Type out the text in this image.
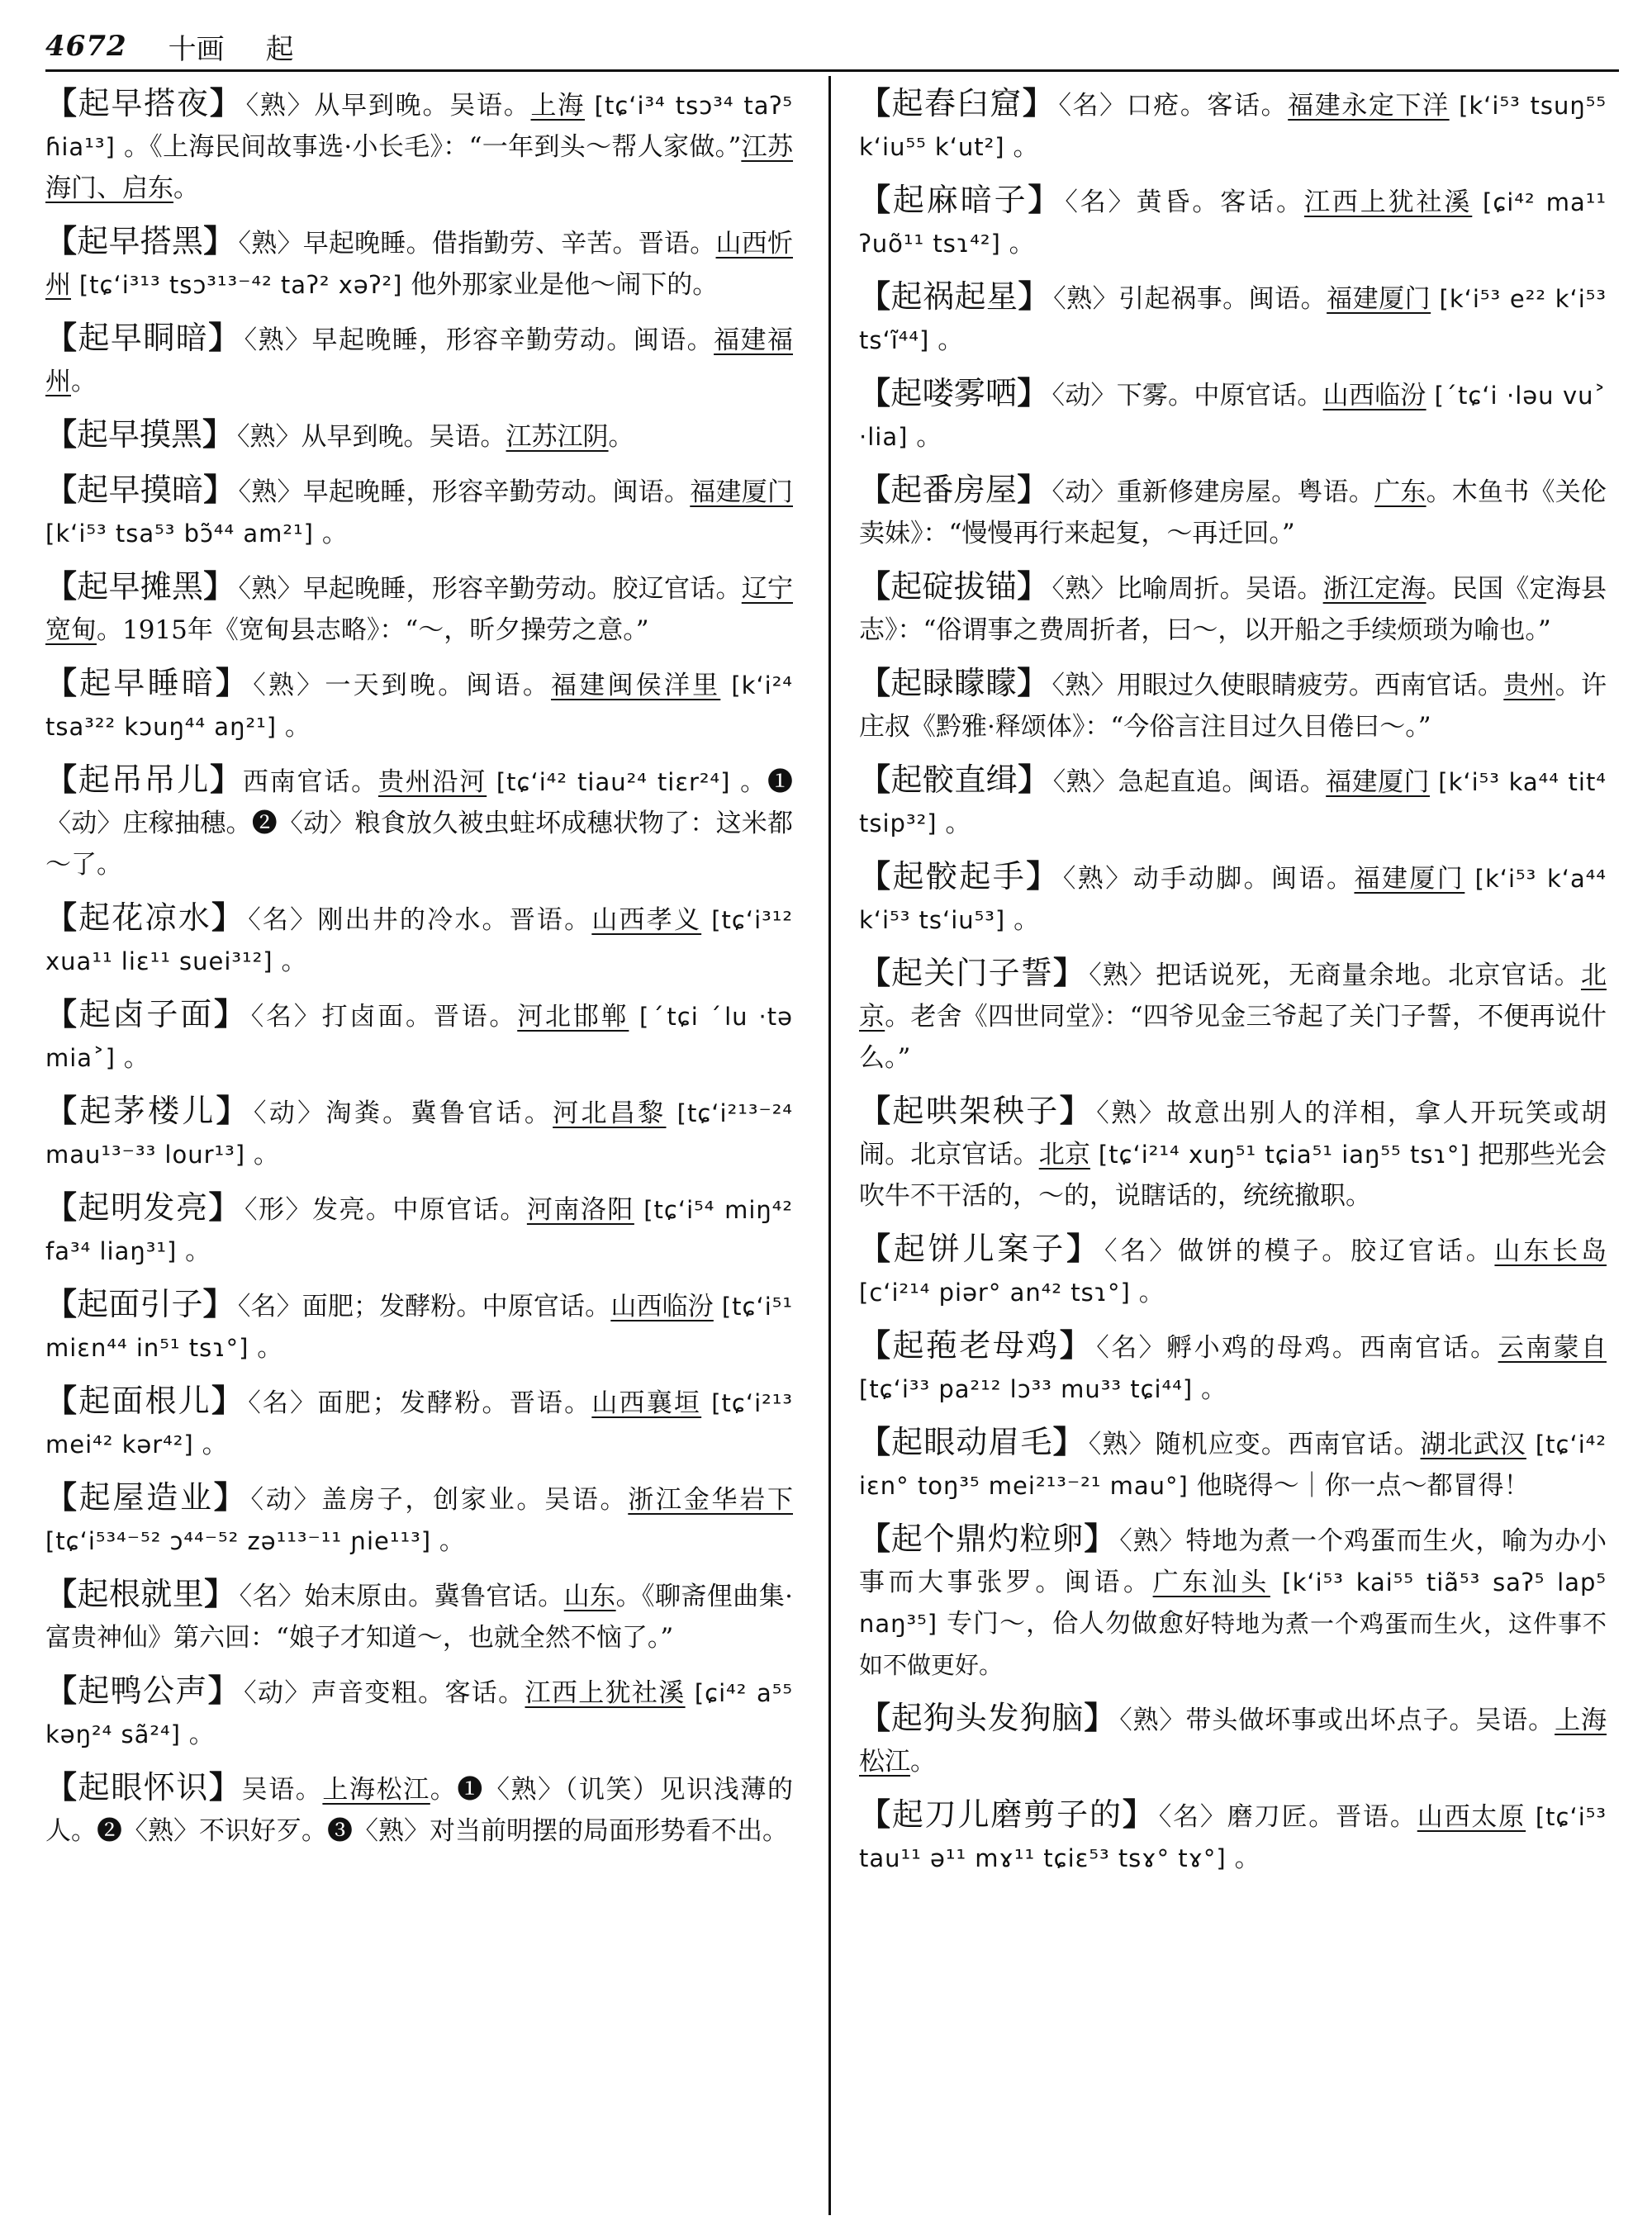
4672 十画 起

【起早搭夜】 〈熟〉从早到晚。吴语。上海 [tɕʻi³⁴ tsɔ³⁴ taʔ⁵ ɦia¹³] 。《上海民间故事选·小长毛》：“一年到头～帮人家做。”江苏海门、启东。

【起早搭黑】 〈熟〉早起晚睡。借指勤劳、辛苦。晋语。山西忻州 [tɕʻi³¹³ tsɔ³¹³⁻⁴² taʔ² xəʔ²] 他外那家业是他～闹下的。

【起早眮暗】 〈熟〉早起晚睡，形容辛勤劳动。闽语。福建福州。

【起早摸黑】 〈熟〉从早到晚。吴语。江苏江阴。

【起早摸暗】 〈熟〉早起晚睡，形容辛勤劳动。闽语。福建厦门 [kʻi⁵³ tsa⁵³ bɔ̃⁴⁴ am²¹] 。

【起早摊黑】 〈熟〉早起晚睡，形容辛勤劳动。胶辽官话。辽宁宽甸。1915年《宽甸县志略》：“～，昕夕操劳之意。”

【起早睡暗】 〈熟〉一天到晚。闽语。福建闽侯洋里 [kʻi²⁴ tsa³²² kɔuŋ⁴⁴ aŋ²¹] 。

【起吊吊儿】西南官话。贵州沿河 [tɕʻi⁴² tiau²⁴ tiɛr²⁴] 。❶〈动〉庄稼抽穗。❷〈动〉粮食放久被虫蛀坏成穗状物了：这米都～了。

【起花凉水】 〈名〉刚出井的冷水。晋语。山西孝义 [tɕʻi³¹² xua¹¹ liɛ¹¹ suei³¹²] 。

【起卤子面】 〈名〉打卤面。晋语。河北邯郸 [ˊtɕi ˊlu ·tə mia˃] 。

【起茅楼儿】 〈动〉淘粪。冀鲁官话。河北昌黎 [tɕʻi²¹³⁻²⁴ mau¹³⁻³³ lour¹³] 。

【起明发亮】 〈形〉发亮。中原官话。河南洛阳 [tɕʻi⁵⁴ miŋ⁴² fa³⁴ liaŋ³¹] 。

【起面引子】 〈名〉面肥；发酵粉。中原官话。山西临汾 [tɕʻi⁵¹ miɛn⁴⁴ in⁵¹ tsɿ°] 。

【起面根儿】 〈名〉面肥；发酵粉。晋语。山西襄垣 [tɕʻi²¹³ mei⁴² kər⁴²] 。

【起屋造业】 〈动〉盖房子，创家业。吴语。浙江金华岩下 [tɕʻi⁵³⁴⁻⁵² ɔ⁴⁴⁻⁵² zə¹¹³⁻¹¹ ɲie¹¹³] 。

【起根就里】 〈名〉始末原由。冀鲁官话。山东。《聊斋俚曲集·富贵神仙》第六回：“娘子才知道～，也就全然不恼了。”

【起鸭公声】 〈动〉声音变粗。客话。江西上犹社溪 [ɕi⁴² a⁵⁵ kəŋ²⁴ sã²⁴] 。

【起眼怀识】吴语。上海松江。❶〈熟〉（讥笑）见识浅薄的人。❷〈熟〉不识好歹。❸〈熟〉对当前明摆的局面形势看不出。

【起舂臼窟】 〈名〉口疮。客话。福建永定下洋 [kʻi⁵³ tsuŋ⁵⁵ kʻiu⁵⁵ kʻut²] 。

【起麻暗子】 〈名〉黄昏。客话。江西上犹社溪 [ɕi⁴² ma¹¹ ʔuõ¹¹ tsɿ⁴²] 。

【起祸起星】 〈熟〉引起祸事。闽语。福建厦门 [kʻi⁵³ e²² kʻi⁵³ tsʻĩ⁴⁴] 。

【起喽雾哂】 〈动〉下雾。中原官话。山西临汾 [ˊtɕʻi ·ləu vu˃ ·lia] 。

【起番房屋】 〈动〉重新修建房屋。粤语。广东。木鱼书《关伦卖妹》：“慢慢再行来起复，～再迁回。”

【起碇拔锚】 〈熟〉比喻周折。吴语。浙江定海。民国《定海县志》：“俗谓事之费周折者，曰～，以开船之手续烦琐为喻也。”

【起睩矇矇】 〈熟〉用眼过久使眼睛疲劳。西南官话。贵州。许庄叔《黔雅·释颂体》：“今俗言注目过久目倦曰～。”

【起骹直缉】 〈熟〉急起直追。闽语。福建厦门 [kʻi⁵³ ka⁴⁴ tit⁴ tsip³²] 。

【起骹起手】 〈熟〉动手动脚。闽语。福建厦门 [kʻi⁵³ kʻa⁴⁴ kʻi⁵³ tsʻiu⁵³] 。

【起关门子誓】 〈熟〉把话说死，无商量余地。北京官话。北京。老舍《四世同堂》：“四爷见金三爷起了关门子誓，不便再说什么。”

【起哄架秧子】 〈熟〉故意出别人的洋相，拿人开玩笑或胡闹。北京官话。北京 [tɕʻi²¹⁴ xuŋ⁵¹ tɕia⁵¹ iaŋ⁵⁵ tsɿ°] 把那些光会吹牛不干活的，～的，说瞎话的，统统撤职。

【起饼儿案子】 〈名〉做饼的模子。胶辽官话。山东长岛 [cʻi²¹⁴ piər° an⁴² tsɿ°] 。

【起菢老母鸡】 〈名〉孵小鸡的母鸡。西南官话。云南蒙自 [tɕʻi³³ pa²¹² lɔ³³ mu³³ tɕi⁴⁴] 。

【起眼动眉毛】 〈熟〉随机应变。西南官话。湖北武汉 [tɕʻi⁴² iɛn° toŋ³⁵ mei²¹³⁻²¹ mau°] 他晓得～｜你一点～都冒得！

【起个鼎灼粒卵】 〈熟〉特地为煮一个鸡蛋而生火，喻为办小事而大事张罗。闽语。广东汕头 [kʻi⁵³ kai⁵⁵ tiã⁵³ saʔ⁵ lap⁵ naŋ³⁵] 专门～，佮人勿做愈好特地为煮一个鸡蛋而生火，这件事不如不做更好。

【起狗头发狗脑】 〈熟〉带头做坏事或出坏点子。吴语。上海松江。

【起刀儿磨剪子的】 〈名〉磨刀匠。晋语。山西太原 [tɕʻi⁵³ tau¹¹ ə¹¹ mɤ¹¹ tɕiɛ⁵³ tsɤ° tɤ°] 。
